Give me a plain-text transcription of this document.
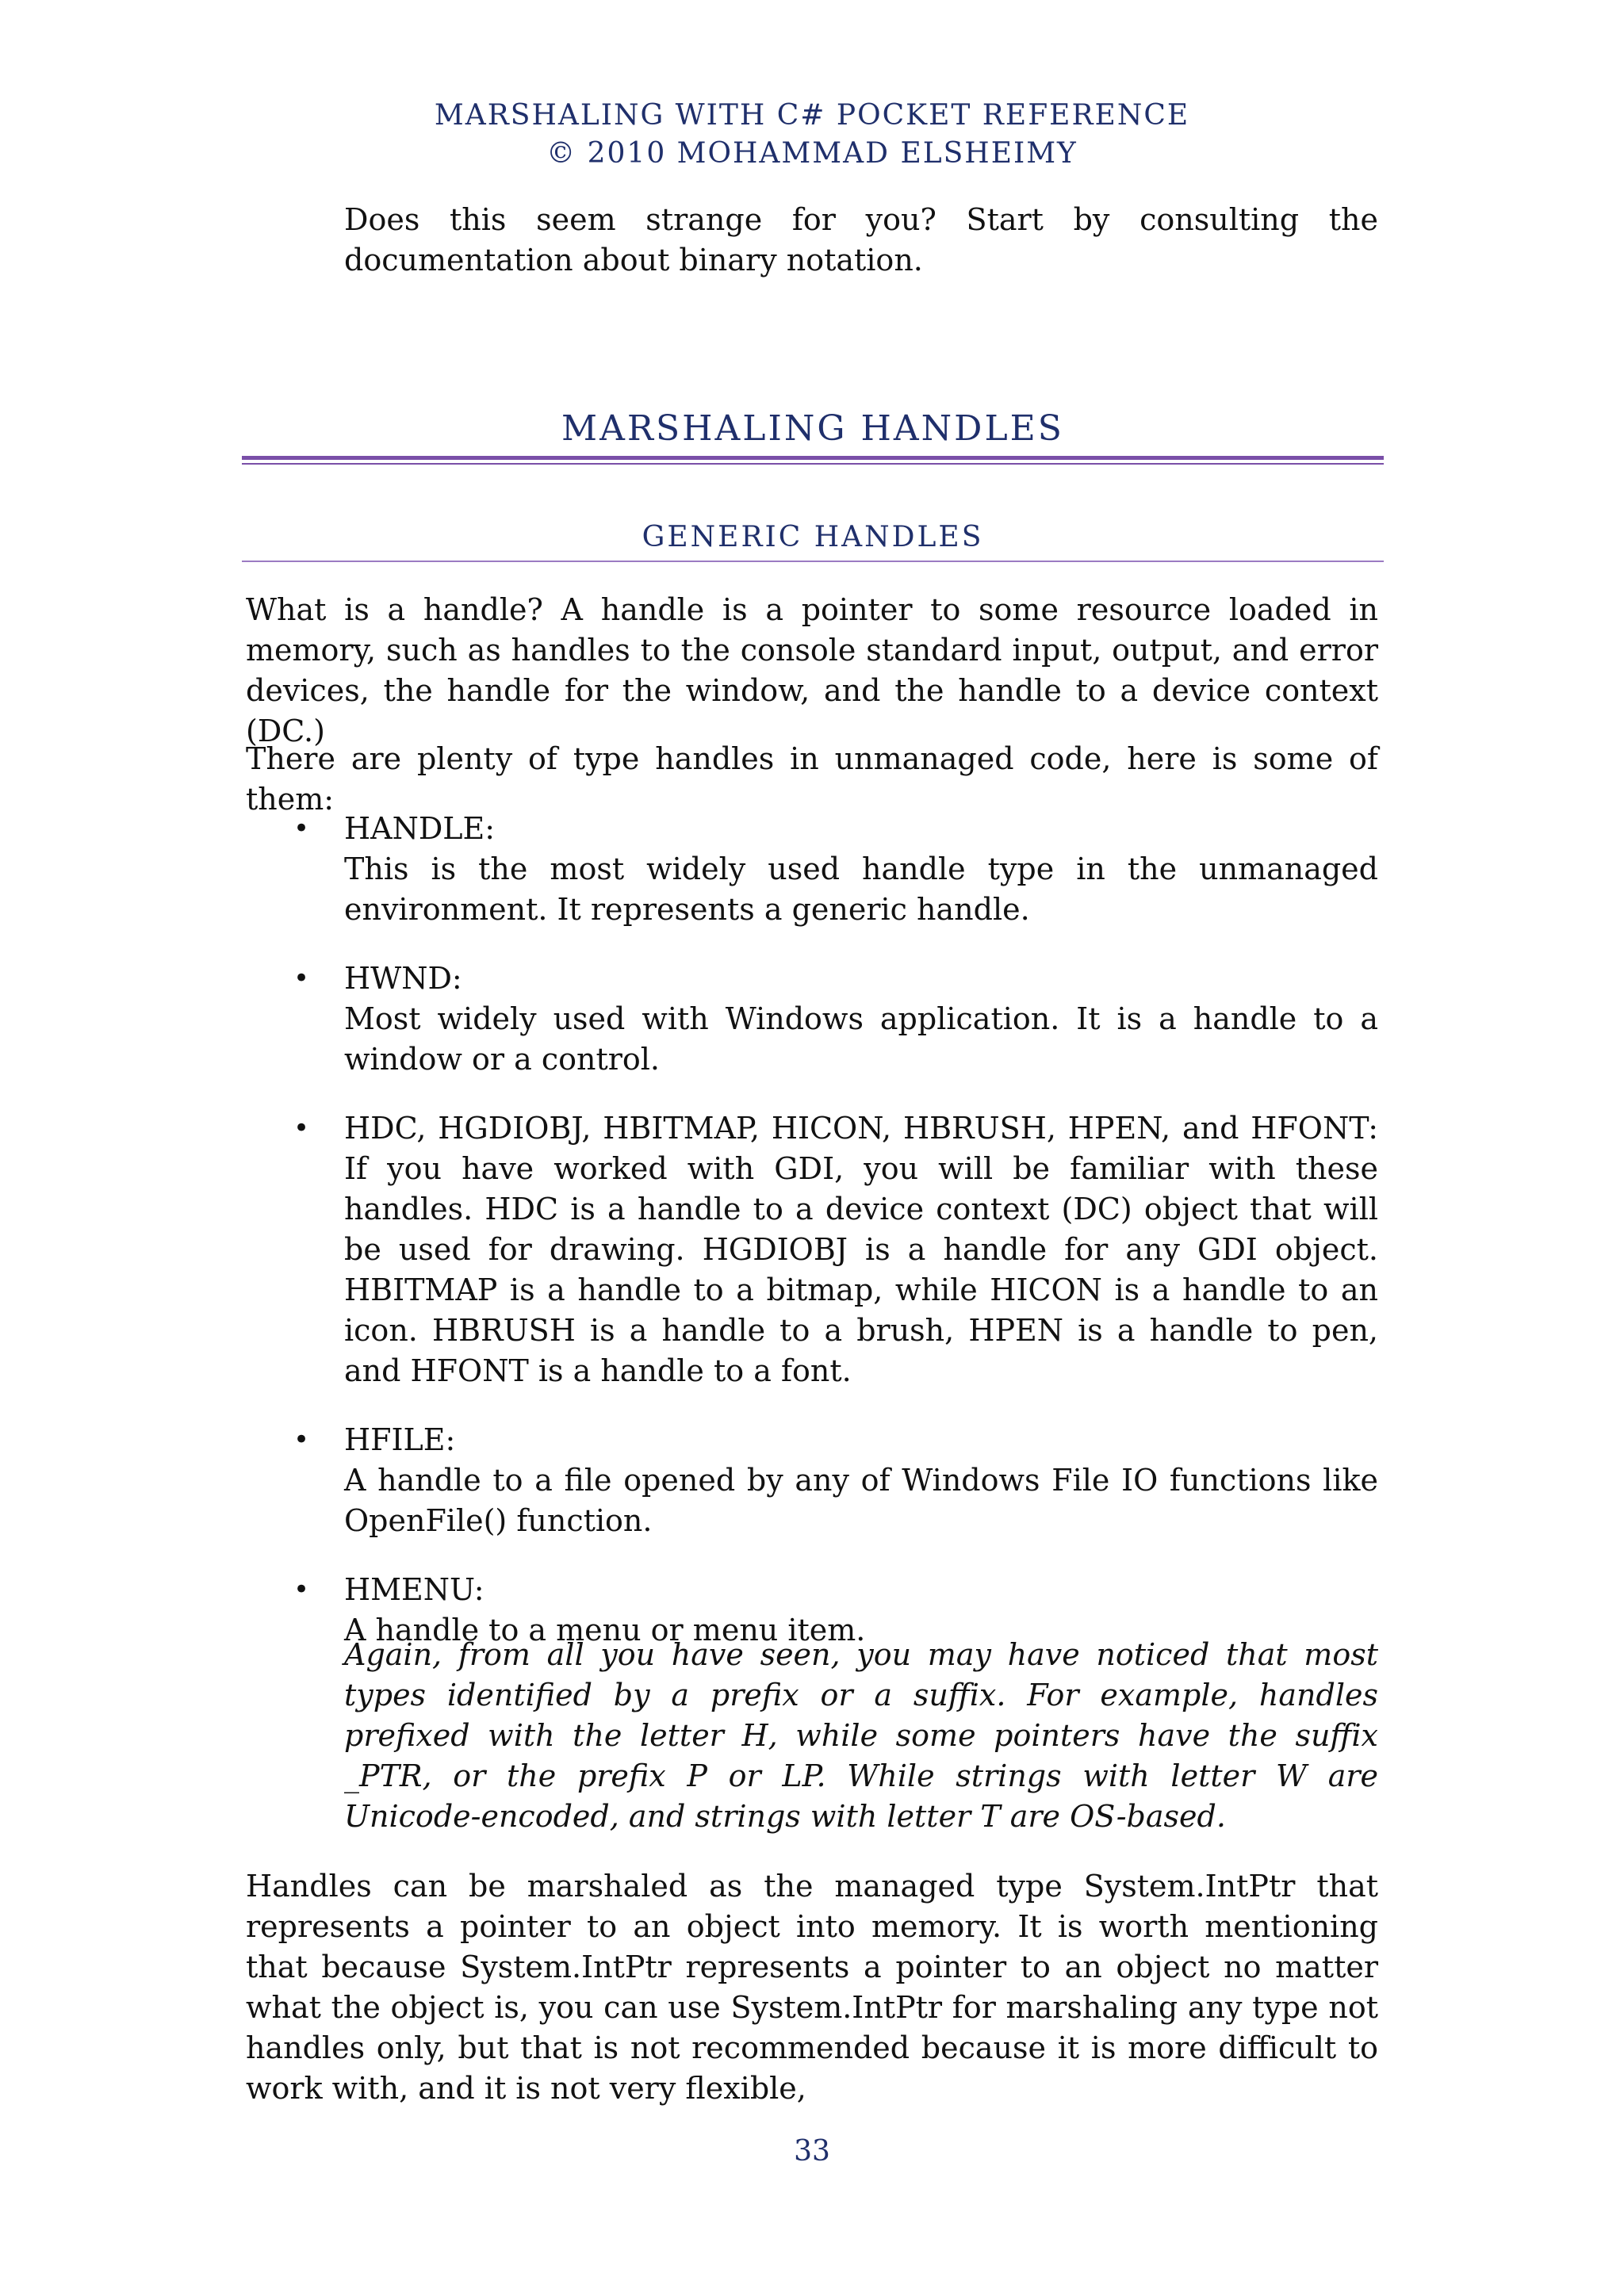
MARSHALING WITH C# POCKET REFERENCE
© 2010 MOHAMMAD ELSHEIMY
Does this seem strange for you? Start by consulting the documentation about binary notation.
MARSHALING HANDLES
GENERIC HANDLES
What is a handle? A handle is a pointer to some resource loaded in memory, such as handles to the console standard input, output, and error devices, the handle for the window, and the handle to a device context (DC.)
There are plenty of type handles in unmanaged code, here is some of them:
• HANDLE:
This is the most widely used handle type in the unmanaged environment. It represents a generic handle.
• HWND:
Most widely used with Windows application. It is a handle to a window or a control.
• HDC, HGDIOBJ, HBITMAP, HICON, HBRUSH, HPEN, and HFONT:
If you have worked with GDI, you will be familiar with these handles. HDC is a handle to a device context (DC) object that will be used for drawing. HGDIOBJ is a handle for any GDI object. HBITMAP is a handle to a bitmap, while HICON is a handle to an icon. HBRUSH is a handle to a brush, HPEN is a handle to pen, and HFONT is a handle to a font.
• HFILE:
A handle to a file opened by any of Windows File IO functions like OpenFile() function.
• HMENU:
A handle to a menu or menu item.
Again, from all you have seen, you may have noticed that most types identified by a prefix or a suffix. For example, handles prefixed with the letter H, while some pointers have the suffix _PTR, or the prefix P or LP. While strings with letter W are Unicode-encoded, and strings with letter T are OS-based.
Handles can be marshaled as the managed type System.IntPtr that represents a pointer to an object into memory. It is worth mentioning that because System.IntPtr represents a pointer to an object no matter what the object is, you can use System.IntPtr for marshaling any type not handles only, but that is not recommended because it is more difficult to work with, and it is not very flexible,
33
